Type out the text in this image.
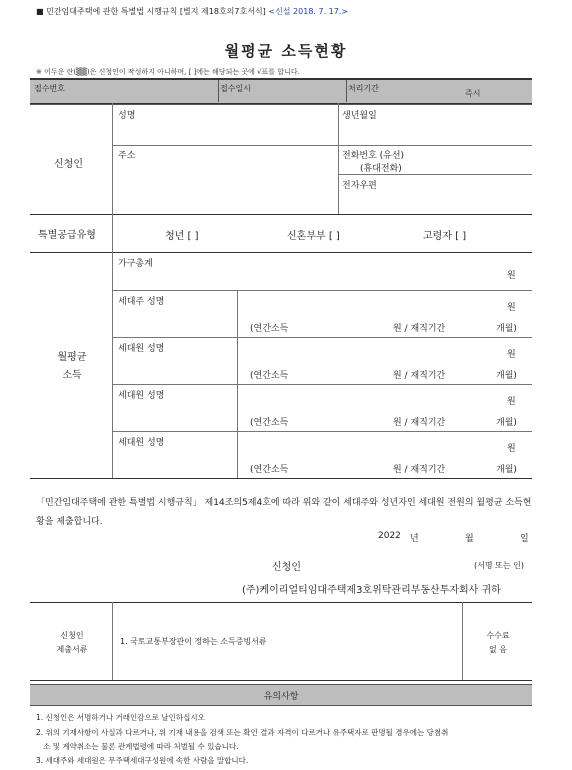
■ 민간임대주택에 관한 특별법 시행규칙 [별지 제18호의7호서식] <신설 2018. 7. 17.>
월평균 소득현황
※ 어두운 란(▒▒)은 신청인이 작성하지 아니하며, [ ]에는 해당되는 곳에 √표를 합니다.
접수번호	접수일시	처리기간
즉시
신청인
성명	생년월일
주소	전화번호 (유선)
(휴대전화)
전자우편
특별공급유형	청년 [ ]	신혼부부 [ ]	고령자 [ ]
월평균
소득
가구총계
원
세대주 성명
원
(연간소득	원 / 재직기간	개월)
세대원 성명
원
(연간소득	원 / 재직기간	개월)
세대원 성명
원
(연간소득	원 / 재직기간	개월)
세대원 성명
원
(연간소득	원 / 재직기간	개월)
「민간임대주택에 관한 특별법 시행규칙」 제14조의5제4호에 따라 위와 같이 세대주와 성년자인 세대원 전원의 월평균 소득현황을 제출합니다.
2022 년	월	일
신청인	(서명 또는 인)
(주)케이리얼티임대주택제3호위탁관리부동산투자회사 귀하
신청인
제출서류
1. 국토교통부장관이 정하는 소득증빙서류
수수료
없 음
유의사항
1. 신청인은 서명하거나 거래인감으로 날인하십시오
2. 위의 기재사항이 사실과 다르거나, 위 기재 내용을 검색 또는 확인 결과 자격이 다르거나 유주택자로 판명될 경우에는 당첨취
소 및 계약취소는 물론 관계법령에 따라 처벌될 수 있습니다.
3. 세대주와 세대원은 무주택세대구성원에 속한 사람을 말합니다.
